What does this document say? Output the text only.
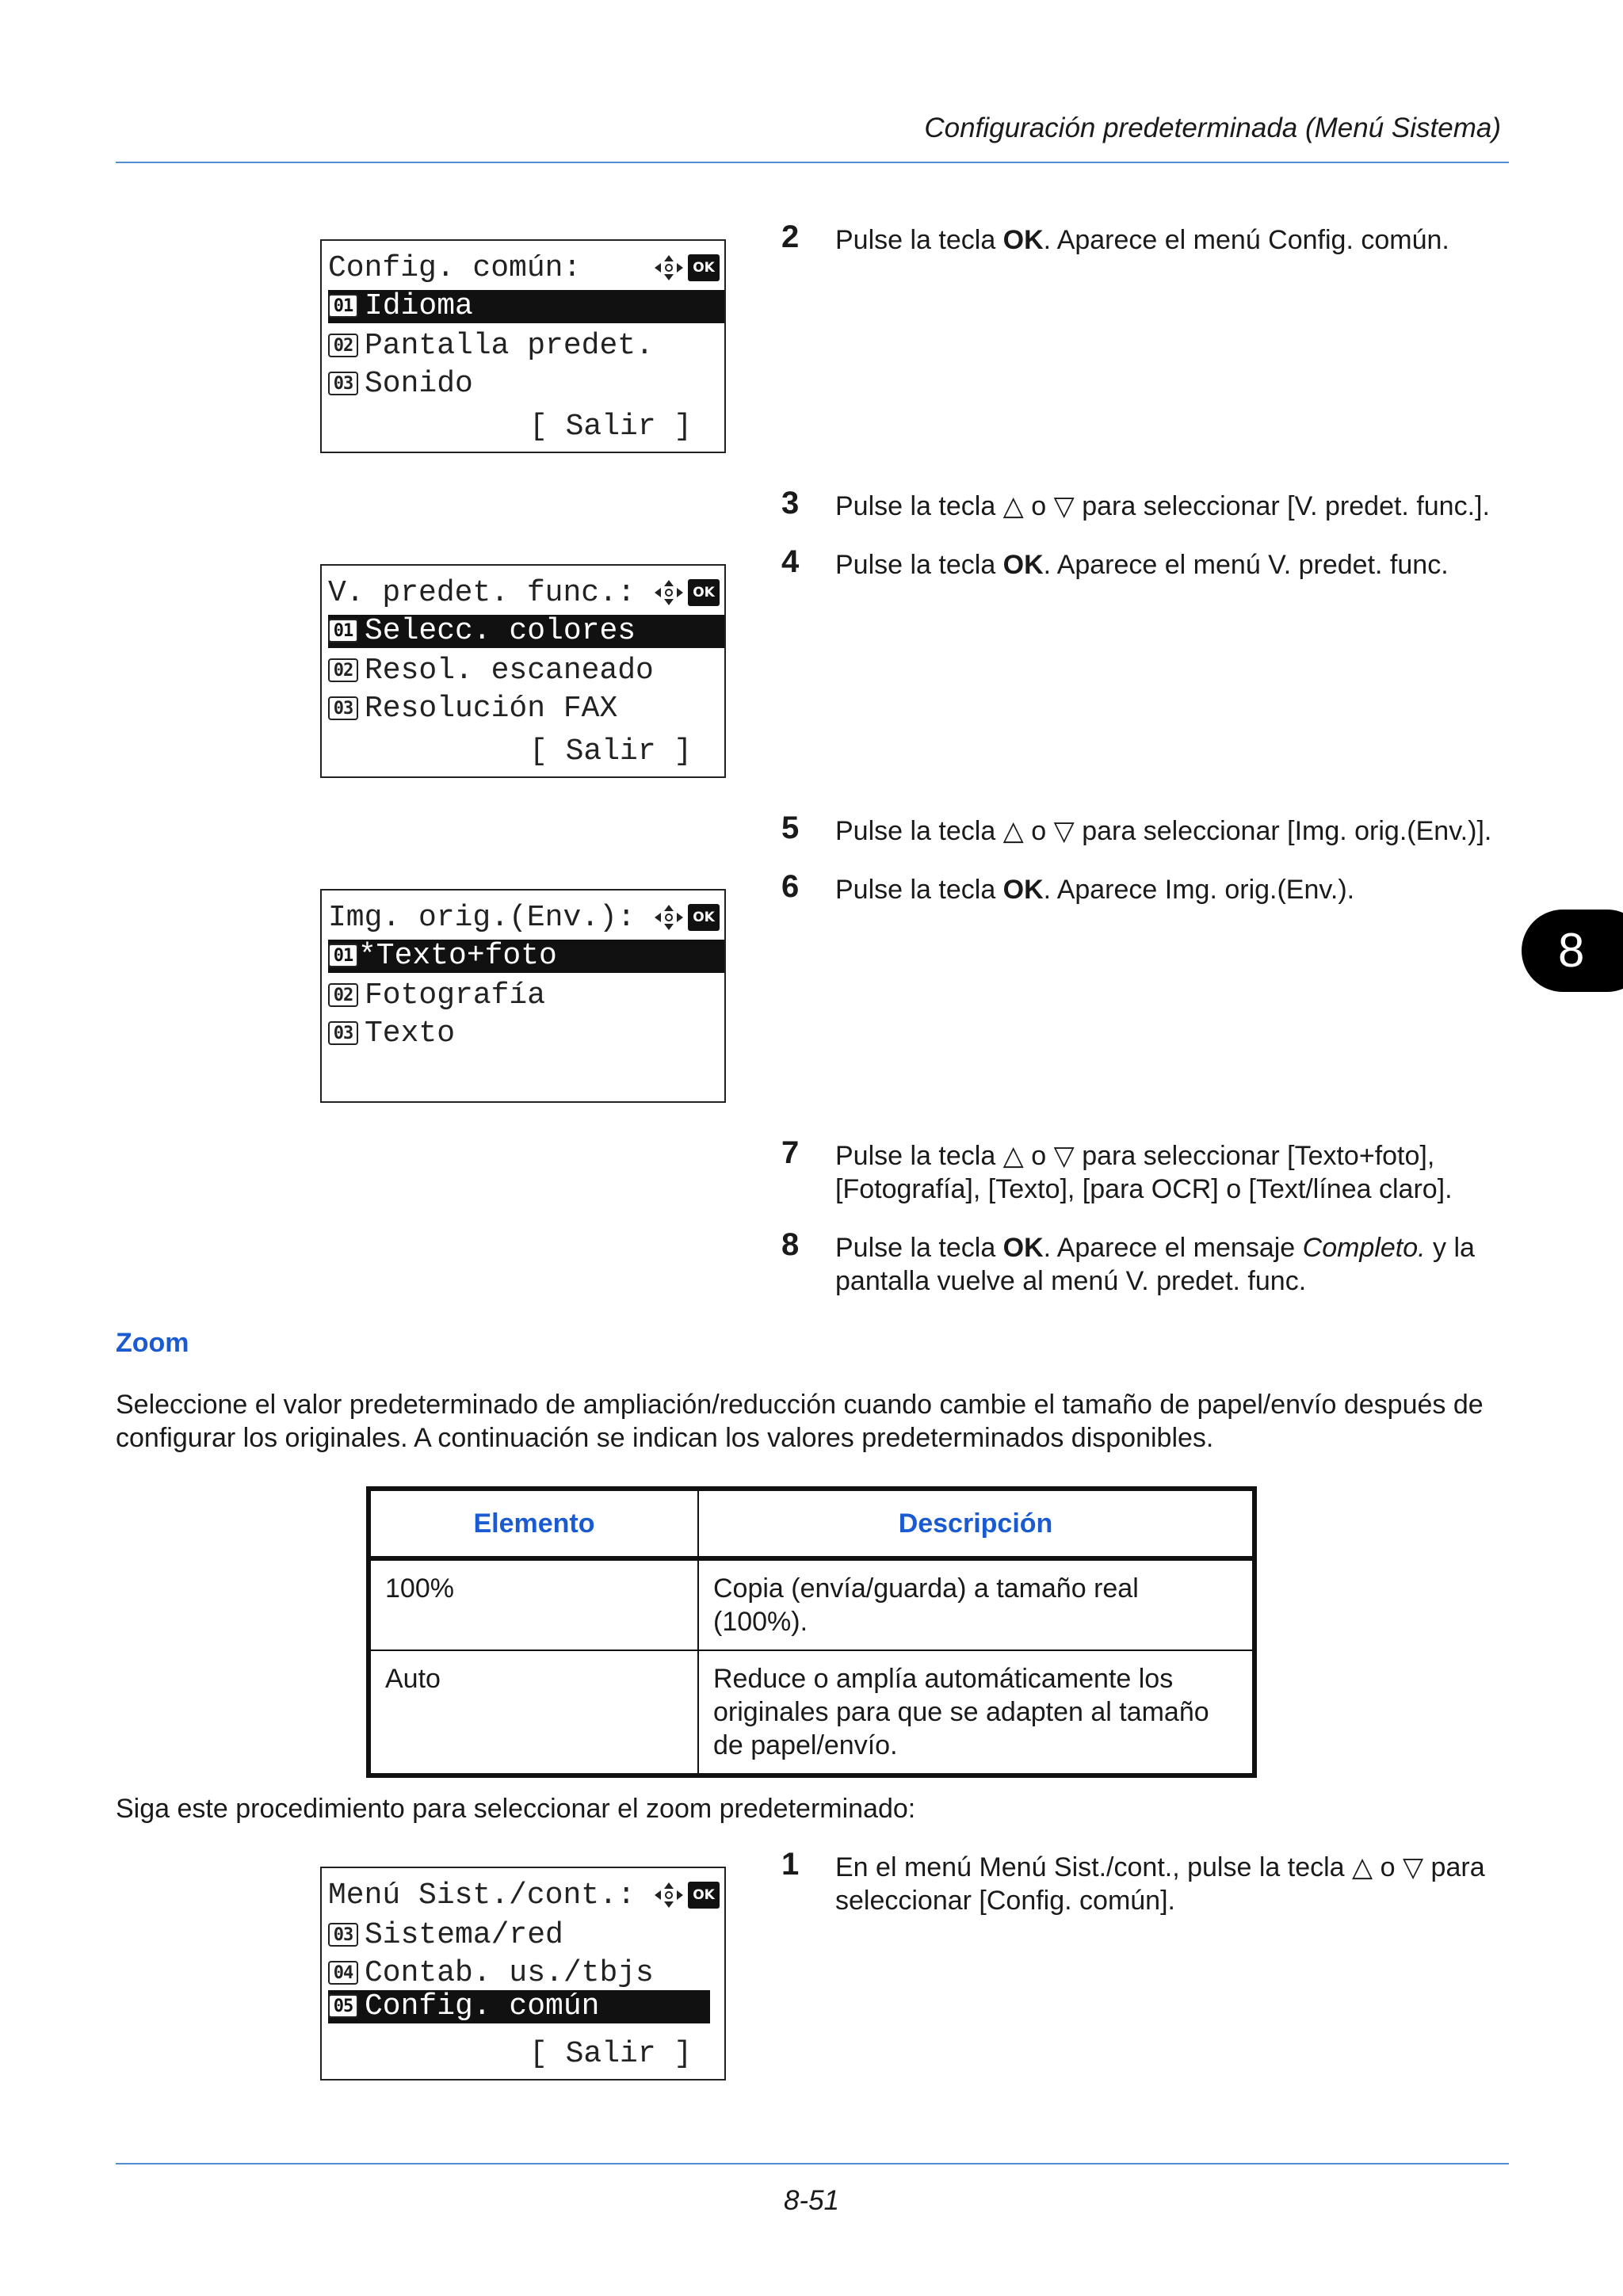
Configuración predeterminada (Menú Sistema)
8
Config. común:	OK
01 Idioma
02 Pantalla predet.
03 Sonido
[ Salir ]
V. predet. func.:	OK
01 Selecc. colores
02 Resol. escaneado
03 Resolución FAX
[ Salir ]
Img. orig.(Env.):	OK
01 *Texto+foto
02 Fotografía
03 Texto
Menú Sist./cont.:	OK
03 Sistema/red
04 Contab. us./tbjs
05 Config. común
[ Salir ]
2 Pulse la tecla OK. Aparece el menú Config. común.
3 Pulse la tecla △ o ▽ para seleccionar [V. predet. func.].
4 Pulse la tecla OK. Aparece el menú V. predet. func.
5 Pulse la tecla △ o ▽ para seleccionar [Img. orig.(Env.)].
6 Pulse la tecla OK. Aparece Img. orig.(Env.).
7 Pulse la tecla △ o ▽ para seleccionar [Texto+foto], [Fotografía], [Texto], [para OCR] o [Text/línea claro].
8 Pulse la tecla OK. Aparece el mensaje Completo. y la pantalla vuelve al menú V. predet. func.
Zoom
Seleccione el valor predeterminado de ampliación/reducción cuando cambie el tamaño de papel/envío después de configurar los originales. A continuación se indican los valores predeterminados disponibles.
Elemento	Descripción
100%	Copia (envía/guarda) a tamaño real (100%).
Auto	Reduce o amplía automáticamente los originales para que se adapten al tamaño de papel/envío.
Siga este procedimiento para seleccionar el zoom predeterminado:
1 En el menú Menú Sist./cont., pulse la tecla △ o ▽ para seleccionar [Config. común].
8-51
